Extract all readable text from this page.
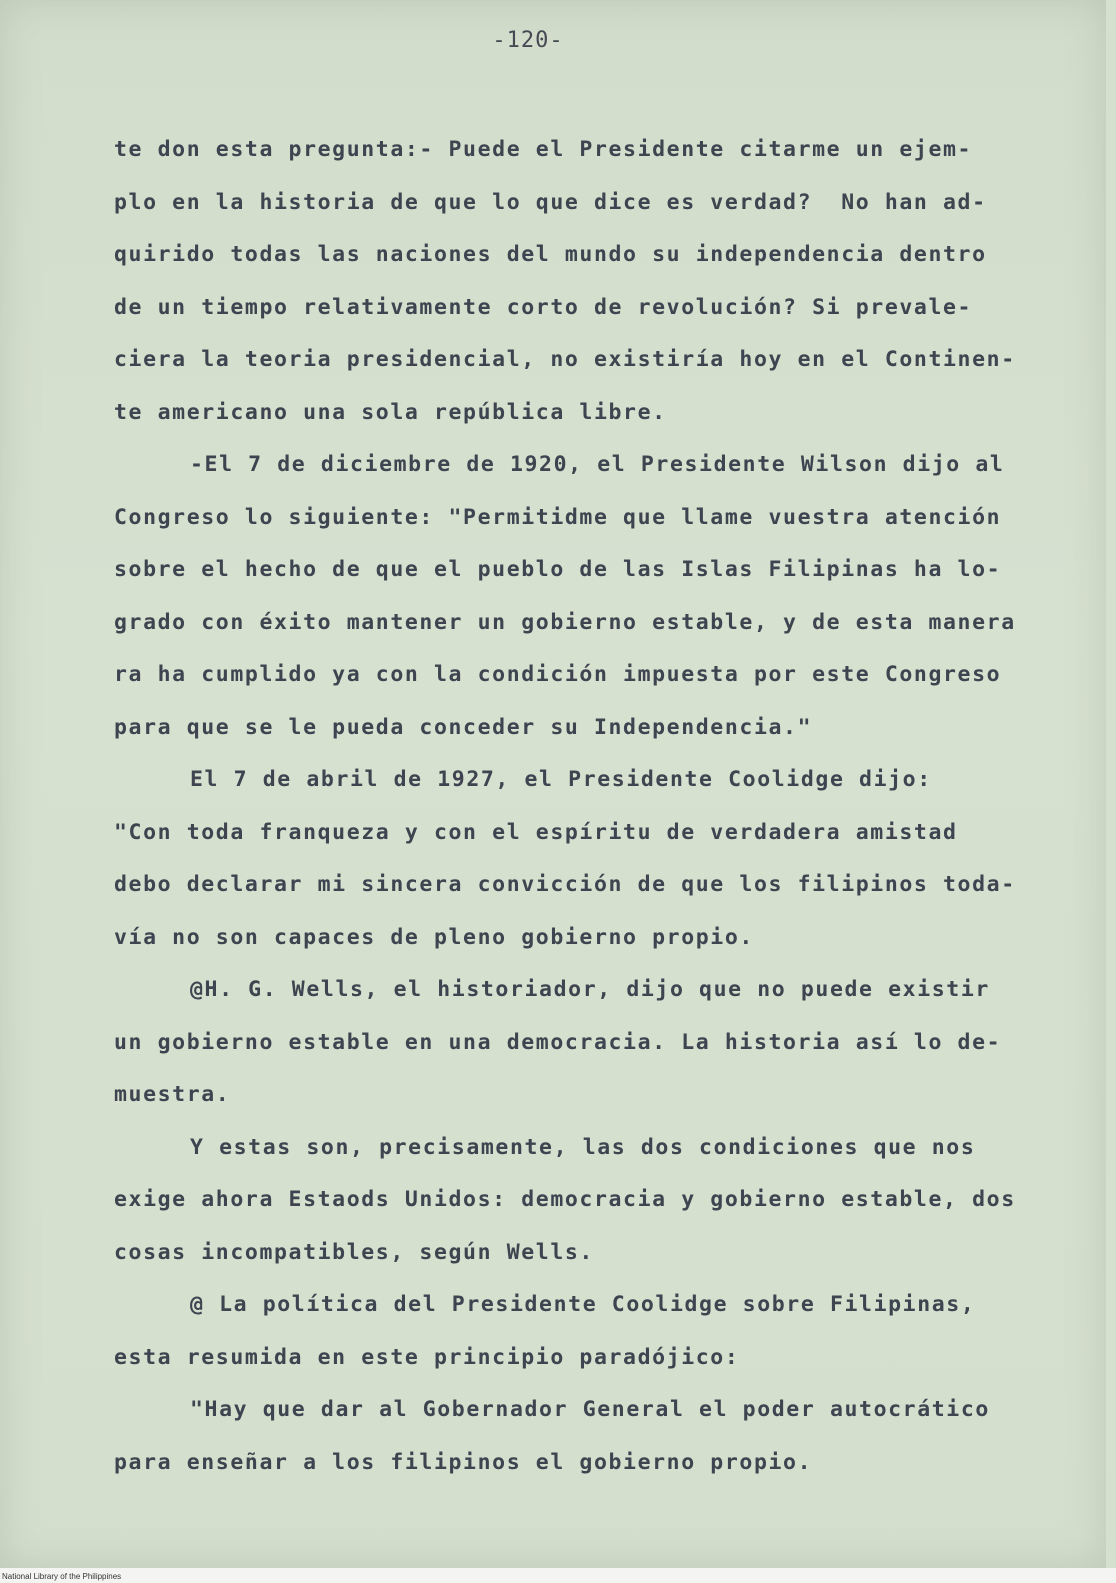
-120-
te don esta pregunta:- Puede el Presidente citarme un ejem-
plo en la historia de que lo que dice es verdad?  No han ad-
quirido todas las naciones del mundo su independencia dentro
de un tiempo relativamente corto de revolución? Si prevale-
ciera la teoria presidencial, no existiría hoy en el Continen-
te americano una sola república libre.
-El 7 de diciembre de 1920, el Presidente Wilson dijo al
Congreso lo siguiente: "Permitidme que llame vuestra atención
sobre el hecho de que el pueblo de las Islas Filipinas ha lo-
grado con éxito mantener un gobierno estable, y de esta manera
ra ha cumplido ya con la condición impuesta por este Congreso
para que se le pueda conceder su Independencia."
El 7 de abril de 1927, el Presidente Coolidge dijo:
"Con toda franqueza y con el espíritu de verdadera amistad
debo declarar mi sincera convicción de que los filipinos toda-
vía no son capaces de pleno gobierno propio.
@H. G. Wells, el historiador, dijo que no puede existir
un gobierno estable en una democracia. La historia así lo de-
muestra.
Y estas son, precisamente, las dos condiciones que nos
exige ahora Estaods Unidos: democracia y gobierno estable, dos
cosas incompatibles, según Wells.
@ La política del Presidente Coolidge sobre Filipinas,
esta resumida en este principio paradójico:
"Hay que dar al Gobernador General el poder autocrático
para enseñar a los filipinos el gobierno propio.
National Library of the Philippines
